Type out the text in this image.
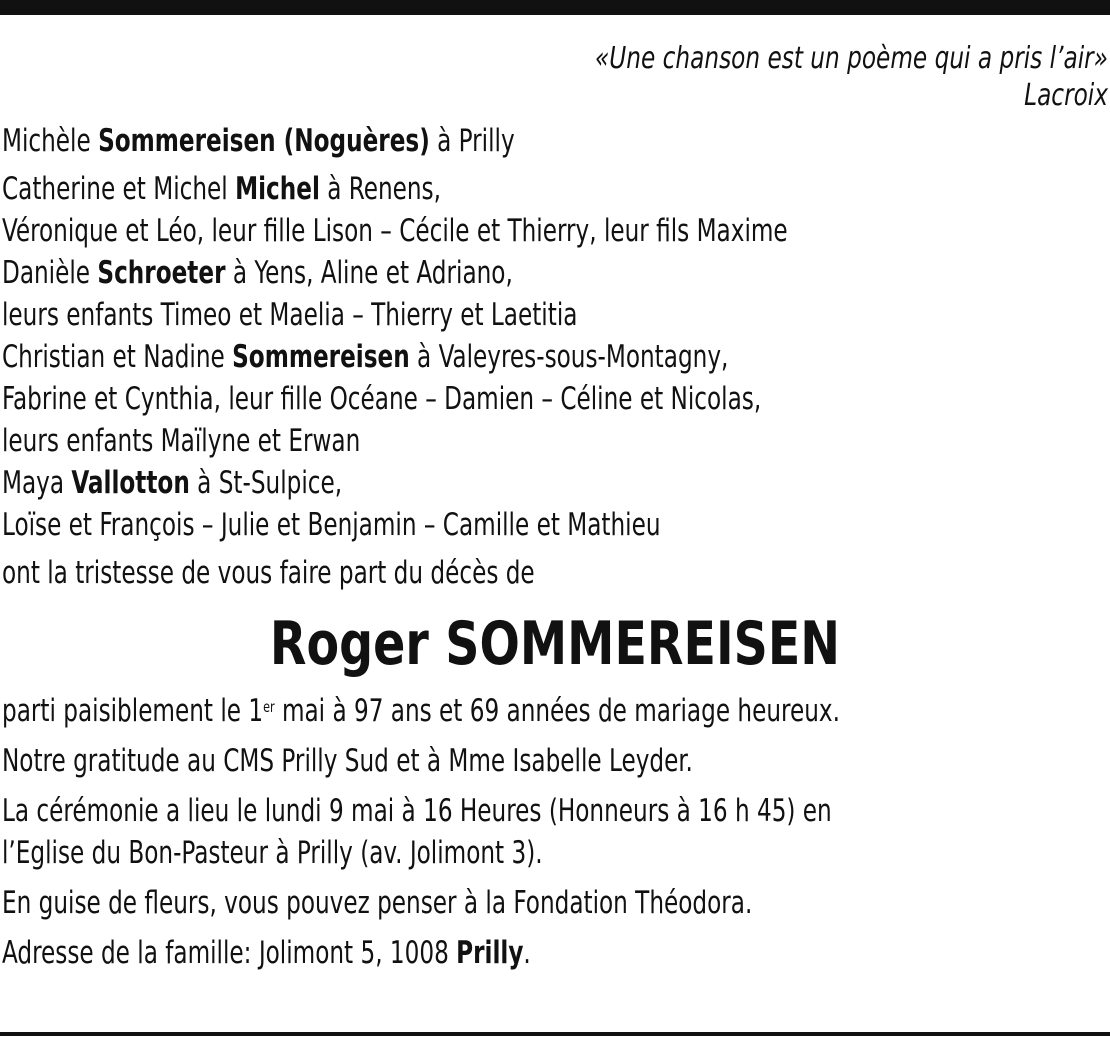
«Une chanson est un poème qui a pris l’air»
Lacroix
Michèle Sommereisen (Noguères) à Prilly
Catherine et Michel Michel à Renens,
Véronique et Léo, leur fille Lison – Cécile et Thierry, leur fils Maxime
Danièle Schroeter à Yens, Aline et Adriano,
leurs enfants Timeo et Maelia – Thierry et Laetitia
Christian et Nadine Sommereisen à Valeyres-sous-Montagny,
Fabrine et Cynthia, leur fille Océane – Damien – Céline et Nicolas,
leurs enfants Maïlyne et Erwan
Maya Vallotton à St-Sulpice,
Loïse et François – Julie et Benjamin – Camille et Mathieu
ont la tristesse de vous faire part du décès de
Roger SOMMEREISEN
parti paisiblement le 1er mai à 97 ans et 69 années de mariage heureux.
Notre gratitude au CMS Prilly Sud et à Mme Isabelle Leyder.
La cérémonie a lieu le lundi 9 mai à 16 Heures (Honneurs à 16 h 45) en
l’Eglise du Bon-Pasteur à Prilly (av. Jolimont 3).
En guise de fleurs, vous pouvez penser à la Fondation Théodora.
Adresse de la famille: Jolimont 5, 1008 Prilly.
